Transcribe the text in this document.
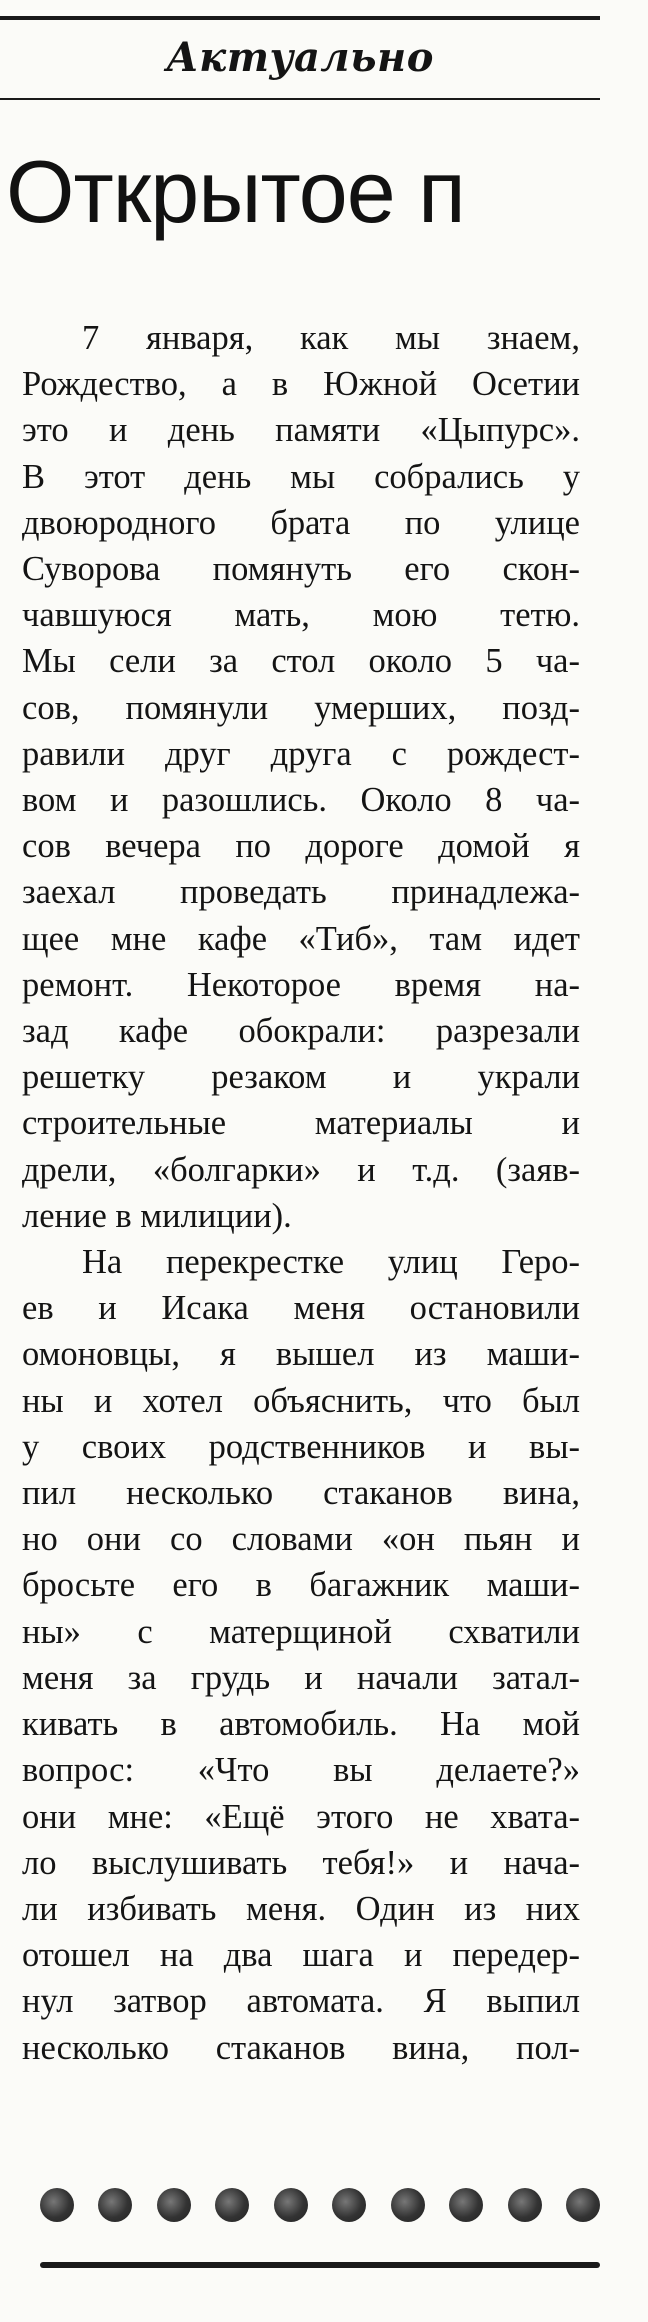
Актуально
Открытое п

7 января, как мы знаем,
Рождество, а в Южной Осетии
это и день памяти «Цыпурс».
В этот день мы собрались у
двоюродного брата по улице
Суворова помянуть его скон-
чавшуюся мать, мою тетю.
Мы сели за стол около 5 ча-
сов, помянули умерших, позд-
равили друг друга с рождест-
вом и разошлись. Около 8 ча-
сов вечера по дороге домой я
заехал проведать принадлежа-
щее мне кафе «Тиб», там идет
ремонт. Некоторое время на-
зад кафе обокрали: разрезали
решетку резаком и украли
строительные материалы и
дрели, «болгарки» и т.д. (заяв-
ление в милиции).

На перекрестке улиц Геро-
ев и Исака меня остановили
омоновцы, я вышел из маши-
ны и хотел объяснить, что был
у своих родственников и вы-
пил несколько стаканов вина,
но они со словами «он пьян и
бросьте его в багажник маши-
ны» с матерщиной схватили
меня за грудь и начали затал-
кивать в автомобиль. На мой
вопрос: «Что вы делаете?»
они мне: «Ещё этого не хвата-
ло выслушивать тебя!» и нача-
ли избивать меня. Один из них
отошел на два шага и передер-
нул затвор автомата. Я выпил
несколько стаканов вина, пол-
